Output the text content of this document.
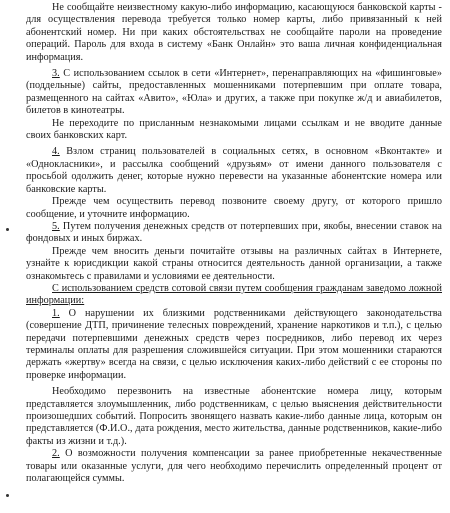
Не сообщайте неизвестному какую-либо информацию, касающуюся банковской карты - для осуществления перевода требуется только номер карты, либо привязанный к ней абонентский номер. Ни при каких обстоятельствах не сообщайте пароли на проведение операций. Пароль для входа в систему «Банк Онлайн» это ваша личная конфиденциальная информация.

3. С использованием ссылок в сети «Интернет», перенаправляющих на «фишинговые» (поддельные) сайты, предоставленных мошенниками потерпевшим при оплате товара, размещенного на сайтах «Авито», «Юла» и других, а также при покупке ж/д и авиабилетов, билетов в кинотеатры.

Не переходите по присланным незнакомыми лицами ссылкам и не вводите данные своих банковских карт.

4. Взлом страниц пользователей в социальных сетях, в основном «Вконтакте» и «Однокласники», и рассылка сообщений «друзьям» от имени данного пользователя с просьбой одолжить денег, которые нужно перевести на указанные абонентские номера или банковские карты.

Прежде чем осуществить перевод позвоните своему другу, от которого пришло сообщение, и уточните информацию.

5. Путем получения денежных средств от потерпевших при, якобы, внесении ставок на фондовых и иных биржах.

Прежде чем вносить деньги почитайте отзывы на различных сайтах в Интернете, узнайте к юрисдикции какой страны относится деятельность данной организации, а также ознакомьтесь с правилами и условиями ее деятельности.

С использованием средств сотовой связи путем сообщения гражданам заведомо ложной информации:

1. О нарушении их близкими родственниками действующего законодательства (совершение ДТП, причинение телесных повреждений, хранение наркотиков и т.п.), с целью передачи потерпевшими денежных средств через посредников, либо перевод их через терминалы оплаты для разрешения сложившейся ситуации. При этом мошенники стараются держать «жертву» всегда на связи, с целью исключения каких-либо действий с ее стороны по проверке информации.

Необходимо перезвонить на известные абонентские номера лицу, которым представляется злоумышленник, либо родственникам, с целью выяснения действительности произошедших событий. Попросить звонящего назвать какие-либо данные лица, которым он представляется (Ф.И.О., дата рождения, место жительства, данные родственников, какие-либо факты из жизни и т.д.).

2. О возможности получения компенсации за ранее приобретенные некачественные товары или оказанные услуги, для чего необходимо перечислить определенный процент от полагающейся суммы.
